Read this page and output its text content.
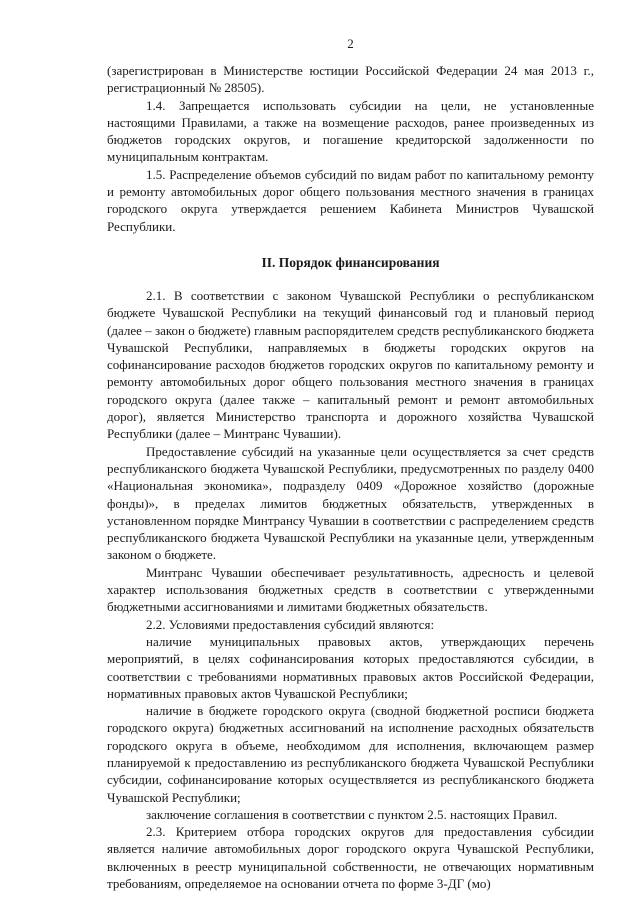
2

(зарегистрирован в Министерстве юстиции Российской Федерации 24 мая 2013 г., регистрационный № 28505).

1.4. Запрещается использовать субсидии на цели, не установленные настоящими Правилами, а также на возмещение расходов, ранее произведенных из бюджетов городских округов, и погашение кредиторской задолженности по муниципальным контрактам.

1.5. Распределение объемов субсидий по видам работ по капитальному ремонту и ремонту автомобильных дорог общего пользования местного значения в границах городского округа утверждается решением Кабинета Министров Чувашской Республики.

II. Порядок финансирования

2.1. В соответствии с законом Чувашской Республики о республиканском бюджете Чувашской Республики на текущий финансовый год и плановый период (далее – закон о бюджете) главным распорядителем средств республиканского бюджета Чувашской Республики, направляемых в бюджеты городских округов на софинансирование расходов бюджетов городских округов по капитальному ремонту и ремонту автомобильных дорог общего пользования местного значения в границах городского округа (далее также – капитальный ремонт и ремонт автомобильных дорог), является Министерство транспорта и дорожного хозяйства Чувашской Республики (далее – Минтранс Чувашии).

Предоставление субсидий на указанные цели осуществляется за счет средств республиканского бюджета Чувашской Республики, предусмотренных по разделу 0400 «Национальная экономика», подразделу 0409 «Дорожное хозяйство (дорожные фонды)», в пределах лимитов бюджетных обязательств, утвержденных в установленном порядке Минтрансу Чувашии в соответствии с распределением средств республиканского бюджета Чувашской Республики на указанные цели, утвержденным законом о бюджете.

Минтранс Чувашии обеспечивает результативность, адресность и целевой характер использования бюджетных средств в соответствии с утвержденными бюджетными ассигнованиями и лимитами бюджетных обязательств.

2.2. Условиями предоставления субсидий являются:

наличие муниципальных правовых актов, утверждающих перечень мероприятий, в целях софинансирования которых предоставляются субсидии, в соответствии с требованиями нормативных правовых актов Российской Федерации, нормативных правовых актов Чувашской Республики;

наличие в бюджете городского округа (сводной бюджетной росписи бюджета городского округа) бюджетных ассигнований на исполнение расходных обязательств городского округа в объеме, необходимом для исполнения, включающем размер планируемой к предоставлению из республиканского бюджета Чувашской Республики субсидии, софинансирование которых осуществляется из республиканского бюджета Чувашской Республики;

заключение соглашения в соответствии с пунктом 2.5. настоящих Правил.

2.3. Критерием отбора городских округов для предоставления субсидии является наличие автомобильных дорог городского округа Чувашской Республики, включенных в реестр муниципальной собственности, не отвечающих нормативным требованиям, определяемое на основании отчета по форме 3-ДГ (мо)
